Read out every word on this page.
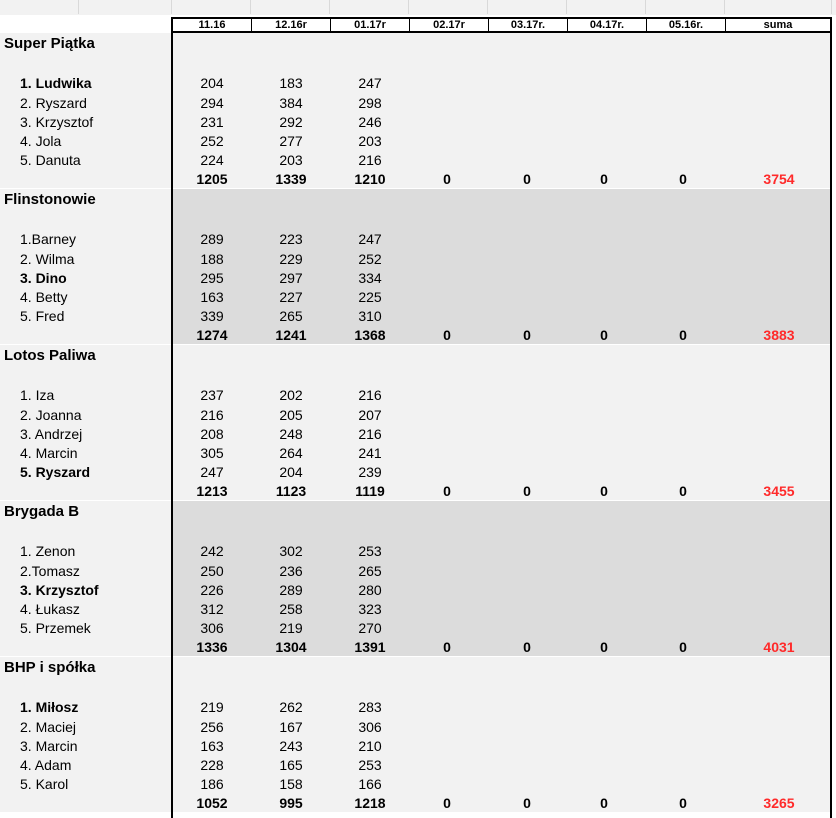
11.16	12.16r	01.17r	02.17r	03.17r.	04.17r.	05.16r.	suma
Super Piątka
1. Ludwika	204	183	247
2. Ryszard	294	384	298
3. Krzysztof	231	292	246
4. Jola	252	277	203
5. Danuta	224	203	216
1205	1339	1210	0	0	0	0	3754
Flinstonowie
1.Barney	289	223	247
2. Wilma	188	229	252
3. Dino	295	297	334
4. Betty	163	227	225
5. Fred	339	265	310
1274	1241	1368	0	0	0	0	3883
Lotos Paliwa
1. Iza	237	202	216
2. Joanna	216	205	207
3. Andrzej	208	248	216
4. Marcin	305	264	241
5. Ryszard	247	204	239
1213	1123	1119	0	0	0	0	3455
Brygada B
1. Zenon	242	302	253
2.Tomasz	250	236	265
3. Krzysztof	226	289	280
4. Łukasz	312	258	323
5. Przemek	306	219	270
1336	1304	1391	0	0	0	0	4031
BHP i spółka
1. Miłosz	219	262	283
2. Maciej	256	167	306
3. Marcin	163	243	210
4. Adam	228	165	253
5. Karol	186	158	166
1052	995	1218	0	0	0	0	3265
